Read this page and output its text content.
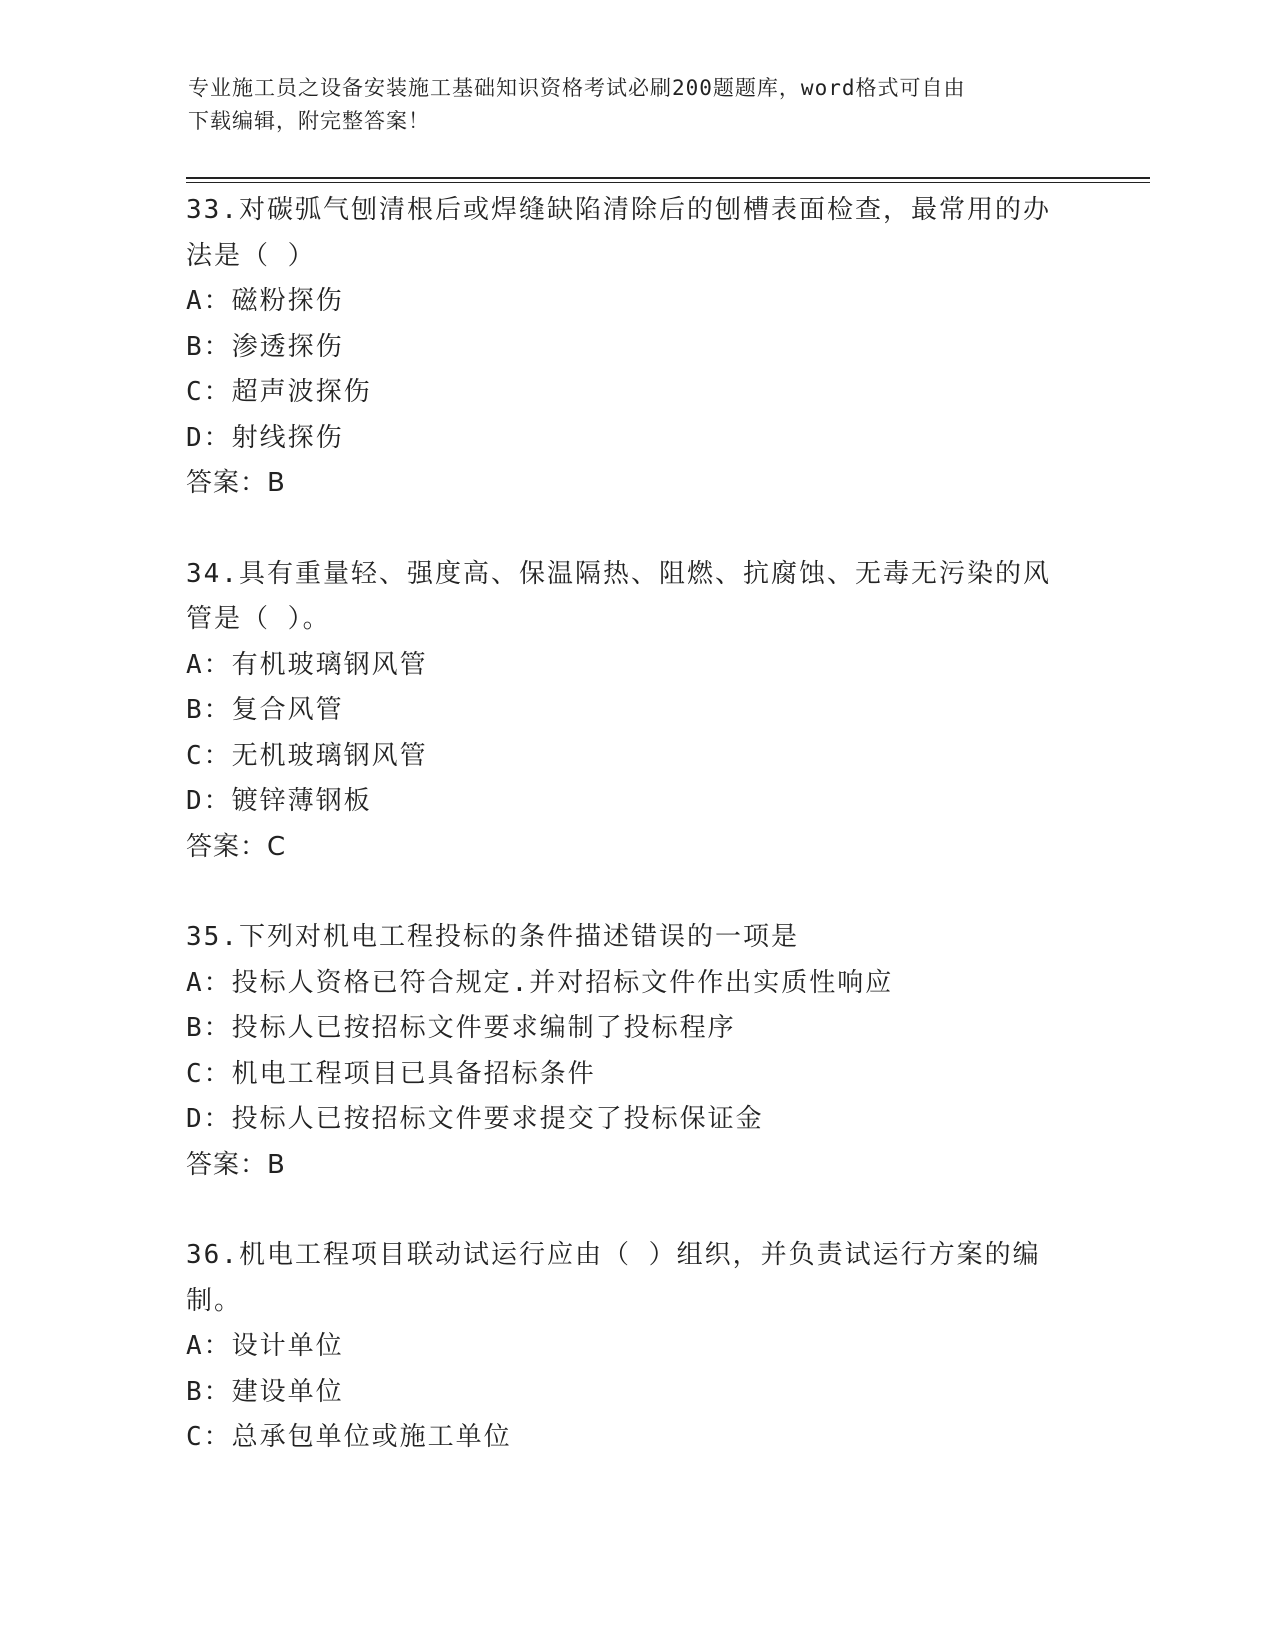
专业施工员之设备安装施工基础知识资格考试必刷200题题库，word格式可自由
下载编辑，附完整答案！
33.对碳弧气刨清根后或焊缝缺陷清除后的刨槽表面检查，最常用的办
法是（ ）
A：磁粉探伤
B：渗透探伤
C：超声波探伤
D：射线探伤
答案：B
34.具有重量轻、强度高、保温隔热、阻燃、抗腐蚀、无毒无污染的风
管是（ ）。
A：有机玻璃钢风管
B：复合风管
C：无机玻璃钢风管
D：镀锌薄钢板
答案：C
35.下列对机电工程投标的条件描述错误的一项是
A：投标人资格已符合规定.并对招标文件作出实质性响应
B：投标人已按招标文件要求编制了投标程序
C：机电工程项目已具备招标条件
D：投标人已按招标文件要求提交了投标保证金
答案：B
36.机电工程项目联动试运行应由（ ）组织，并负责试运行方案的编
制。
A：设计单位
B：建设单位
C：总承包单位或施工单位
